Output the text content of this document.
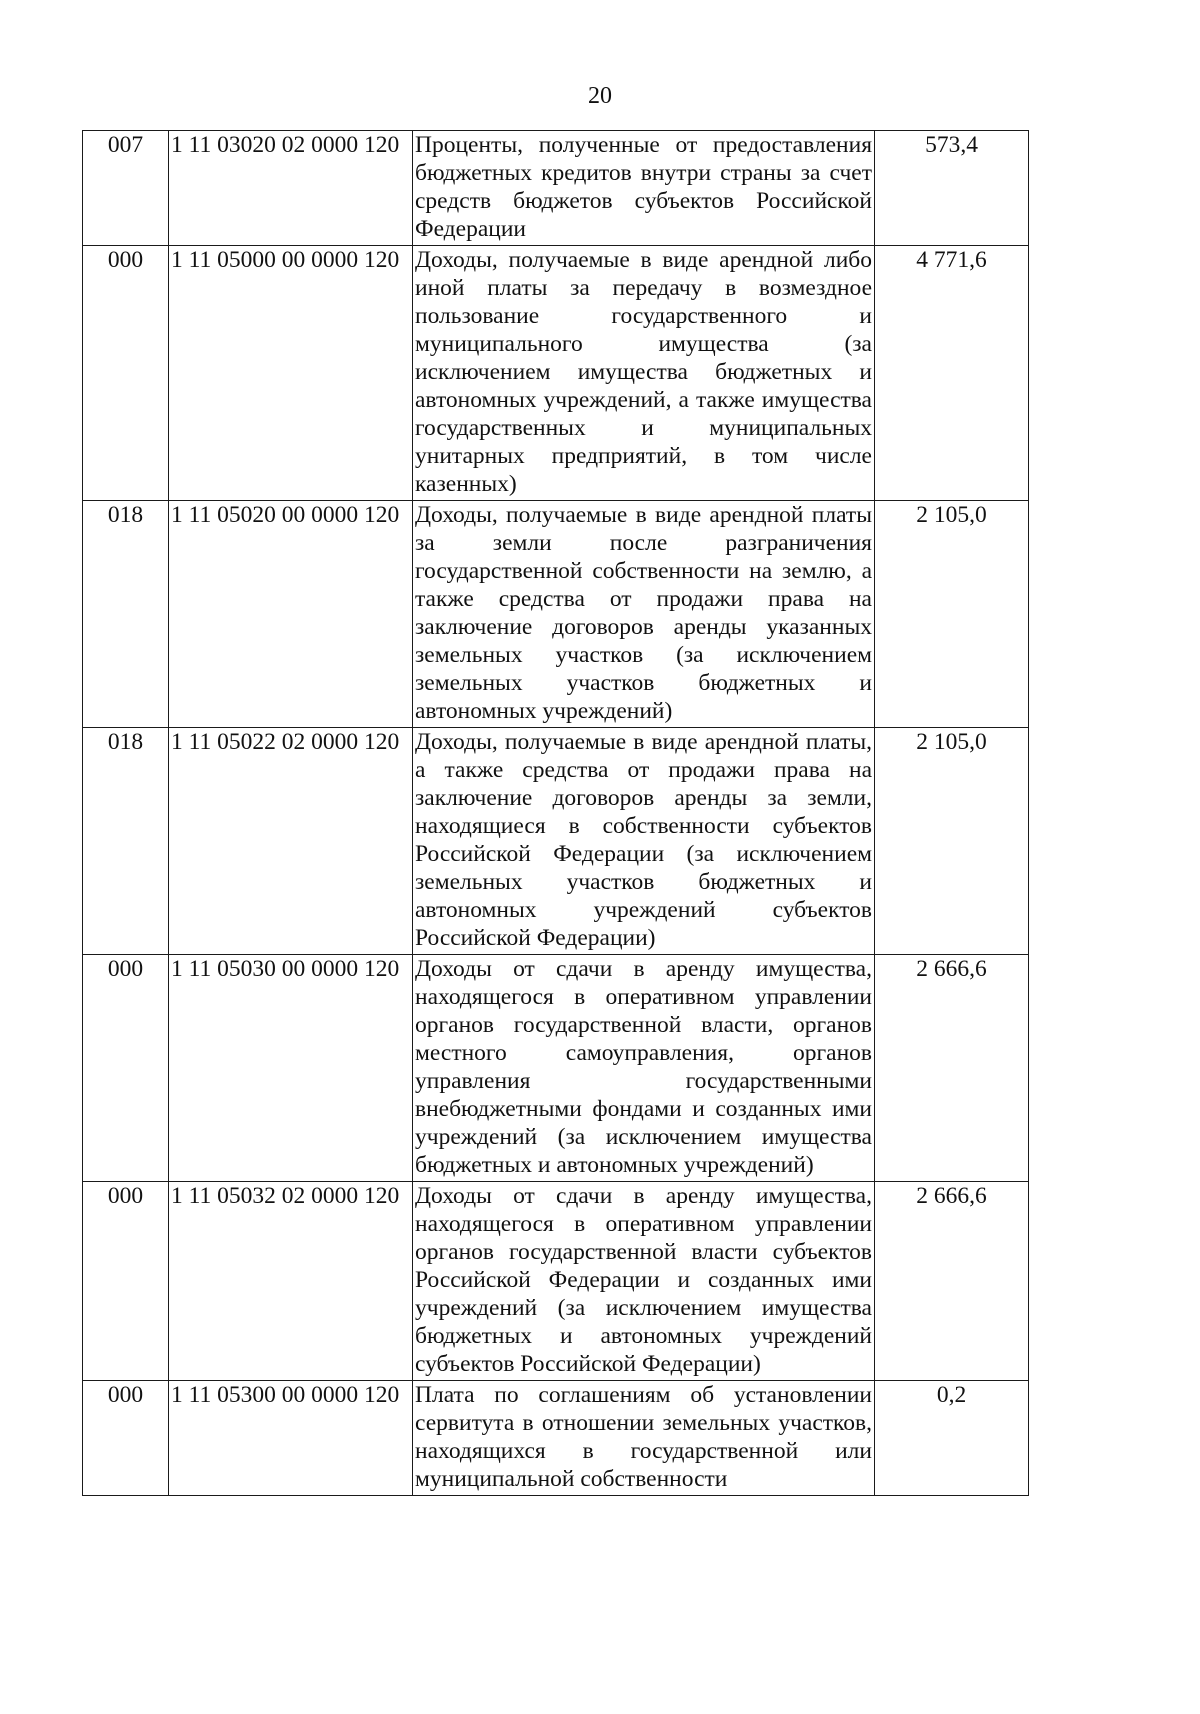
20
007	1 11 03020 02 0000 120	Проценты, полученные от предоставления бюджетных кредитов внутри страны за счет средств бюджетов субъектов Российской Федерации	573,4
000	1 11 05000 00 0000 120	Доходы, получаемые в виде арендной либо иной платы за передачу в возмездное пользование государственного и муниципального имущества (за исключением имущества бюджетных и автономных учреждений, а также имущества государственных и муниципальных унитарных предприятий, в том числе казенных)	4 771,6
018	1 11 05020 00 0000 120	Доходы, получаемые в виде арендной платы за земли после разграничения государственной собственности на землю, а также средства от продажи права на заключение договоров аренды указанных земельных участков (за исключением земельных участков бюджетных и автономных учреждений)	2 105,0
018	1 11 05022 02 0000 120	Доходы, получаемые в виде арендной платы, а также средства от продажи права на заключение договоров аренды за земли, находящиеся в собственности субъектов Российской Федерации (за исключением земельных участков бюджетных и автономных учреждений субъектов Российской Федерации)	2 105,0
000	1 11 05030 00 0000 120	Доходы от сдачи в аренду имущества, находящегося в оперативном управлении органов государственной власти, органов местного самоуправления, органов управления государственными внебюджетными фондами и созданных ими учреждений (за исключением имущества бюджетных и автономных учреждений)	2 666,6
000	1 11 05032 02 0000 120	Доходы от сдачи в аренду имущества, находящегося в оперативном управлении органов государственной власти субъектов Российской Федерации и созданных ими учреждений (за исключением имущества бюджетных и автономных учреждений субъектов Российской Федерации)	2 666,6
000	1 11 05300 00 0000 120	Плата по соглашениям об установлении сервитута в отношении земельных участков, находящихся в государственной или муниципальной собственности	0,2
